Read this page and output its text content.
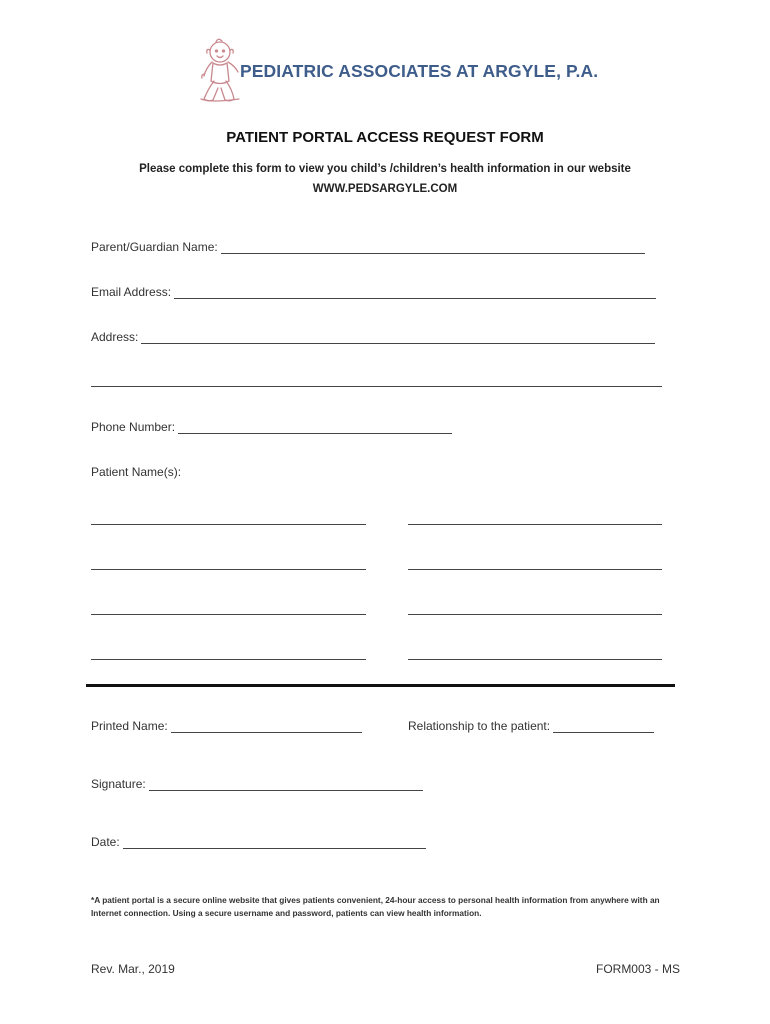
PEDIATRIC ASSOCIATES AT ARGYLE, P.A.
PATIENT PORTAL ACCESS REQUEST FORM
Please complete this form to view you child’s /children’s health information in our website
WWW.PEDSARGYLE.COM
Parent/Guardian Name:
Email Address:
Address:
Phone Number:
Patient Name(s):
Printed Name:	Relationship to the patient:
Signature:
Date:
*A patient portal is a secure online website that gives patients convenient, 24-hour access to personal health information from anywhere with an Internet connection. Using a secure username and password, patients can view health information.
Rev. Mar., 2019	FORM003 - MS
